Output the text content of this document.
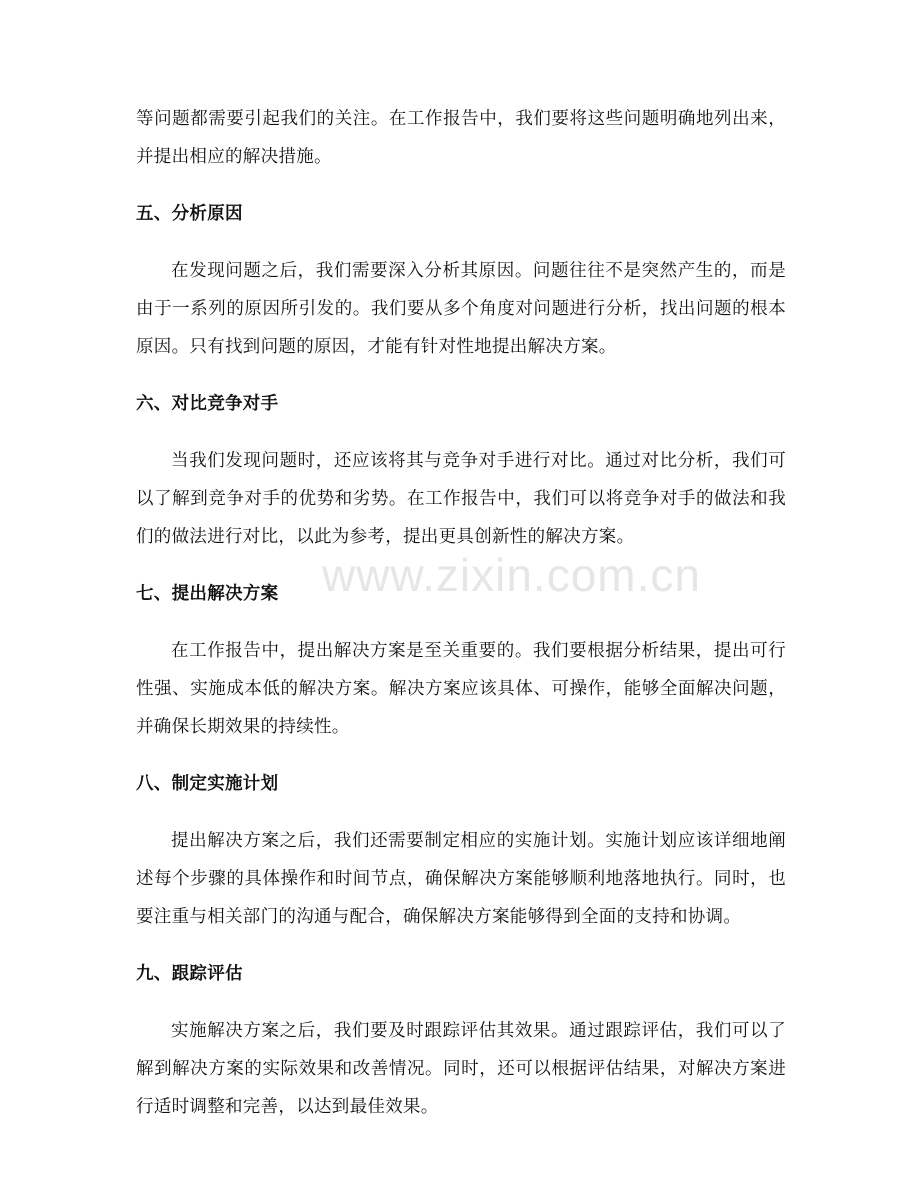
www.zixin.com.cn

等问题都需要引起我们的关注。在工作报告中，我们要将这些问题明确地列出来，并提出相应的解决措施。

五、分析原因

在发现问题之后，我们需要深入分析其原因。问题往往不是突然产生的，而是由于一系列的原因所引发的。我们要从多个角度对问题进行分析，找出问题的根本原因。只有找到问题的原因，才能有针对性地提出解决方案。

六、对比竞争对手

当我们发现问题时，还应该将其与竞争对手进行对比。通过对比分析，我们可以了解到竞争对手的优势和劣势。在工作报告中，我们可以将竞争对手的做法和我们的做法进行对比，以此为参考，提出更具创新性的解决方案。

七、提出解决方案

在工作报告中，提出解决方案是至关重要的。我们要根据分析结果，提出可行性强、实施成本低的解决方案。解决方案应该具体、可操作，能够全面解决问题，并确保长期效果的持续性。

八、制定实施计划

提出解决方案之后，我们还需要制定相应的实施计划。实施计划应该详细地阐述每个步骤的具体操作和时间节点，确保解决方案能够顺利地落地执行。同时，也要注重与相关部门的沟通与配合，确保解决方案能够得到全面的支持和协调。

九、跟踪评估

实施解决方案之后，我们要及时跟踪评估其效果。通过跟踪评估，我们可以了解到解决方案的实际效果和改善情况。同时，还可以根据评估结果，对解决方案进行适时调整和完善，以达到最佳效果。
